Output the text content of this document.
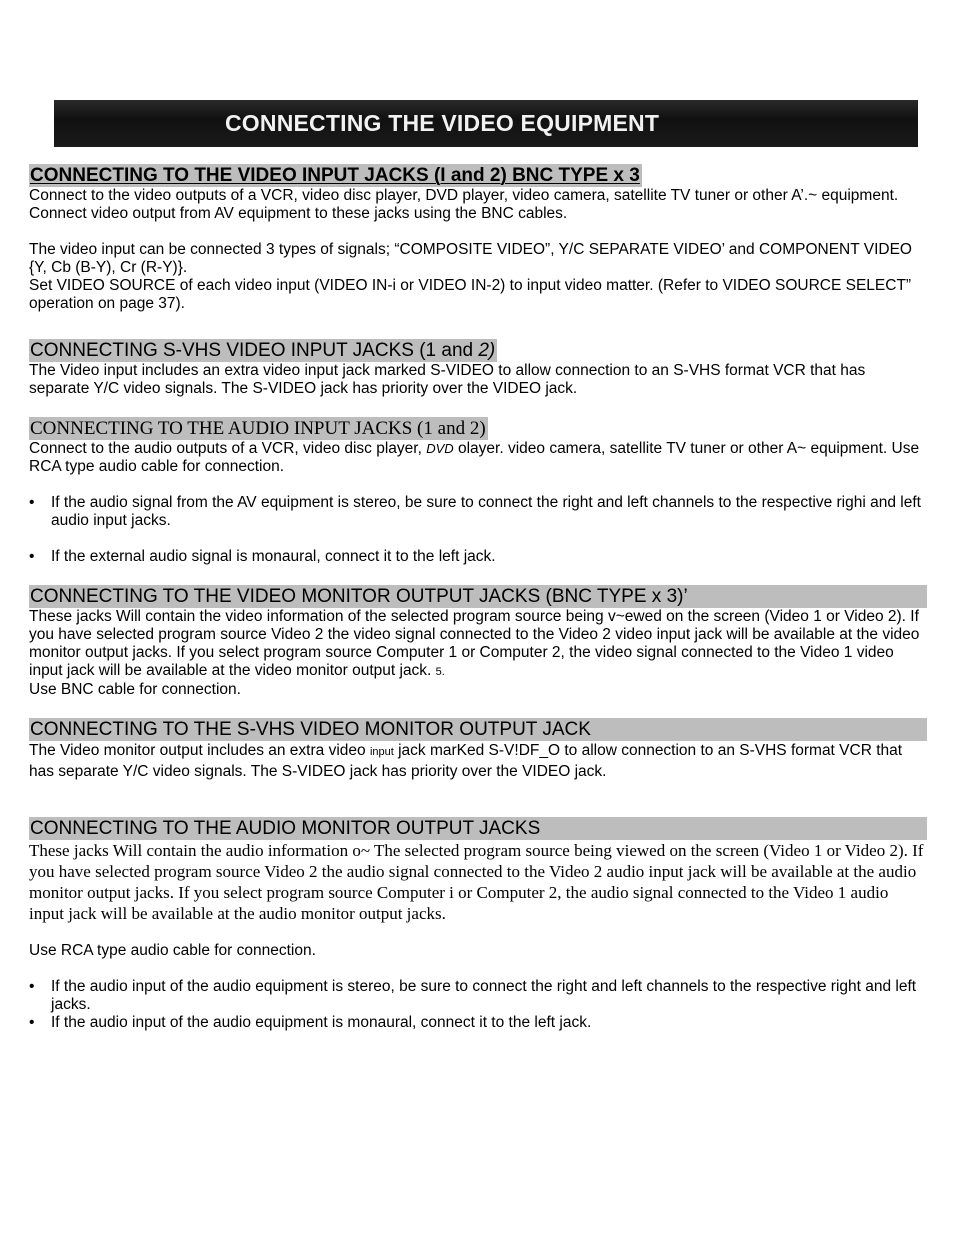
CONNECTING THE VIDEO EQUIPMENT
CONNECTING TO THE VIDEO INPUT JACKS (I and 2) BNC TYPE x 3

Connect to the video outputs of a VCR, video disc player, DVD player, video camera, satellite TV tuner or other A’.~ equipment. Connect video output from AV equipment to these jacks using the BNC cables.

The video input can be connected 3 types of signals; “COMPOSITE VIDEO”, Y/C SEPARATE VIDEO’ and COMPONENT VIDEO {Y, Cb (B-Y), Cr (R-Y)}.

Set VIDEO SOURCE of each video input (VIDEO IN-i or VIDEO IN-2) to input video matter. (Refer to VIDEO SOURCE SELECT” operation on page 37).

CONNECTING S-VHS VIDEO INPUT JACKS (1 and 2)

The Video input includes an extra video input jack marked S-VIDEO to allow connection to an S-VHS format VCR that has separate Y/C video signals. The S-VIDEO jack has priority over the VIDEO jack.

CONNECTING TO THE AUDIO INPUT JACKS (1 and 2)

Connect to the audio outputs of a VCR, video disc player, DVD olayer. video camera, satellite TV tuner or other A~ equipment. Use RCA type audio cable for connection.

• If the audio signal from the AV equipment is stereo, be sure to connect the right and left channels to the respective righi and left audio input jacks.
• If the external audio signal is monaural, connect it to the left jack.
CONNECTING TO THE VIDEO MONITOR OUTPUT JACKS (BNC TYPE x 3)’

These jacks Will contain the video information of the selected program source being v~ewed on the screen (Video 1 or Video 2). If you have selected program source Video 2 the video signal connected to the Video 2 video input jack will be available at the video monitor output jacks. If you select program source Computer 1 or Computer 2, the video signal connected to the Video 1 video input jack will be available at the video monitor output jack. 5.

Use BNC cable for connection.

CONNECTING TO THE S-VHS VIDEO MONITOR OUTPUT JACK

The Video monitor output includes an extra video input jack marKed S-V!DF_O to allow connection to an S-VHS format VCR that has separate Y/C video signals. The S-VIDEO jack has priority over the VIDEO jack.

CONNECTING TO THE AUDIO MONITOR OUTPUT JACKS

These jacks Will contain the audio information o~ The selected program source being viewed on the screen (Video 1 or Video 2). If you have selected program source Video 2 the audio signal connected to the Video 2 audio input jack will be available at the audio monitor output jacks. If you select program source Computer i or Computer 2, the audio signal connected to the Video 1 audio input jack will be available at the audio monitor output jacks.

Use RCA type audio cable for connection.

• If the audio input of the audio equipment is stereo, be sure to connect the right and left channels to the respective right and left jacks.
• If the audio input of the audio equipment is monaural, connect it to the left jack.
